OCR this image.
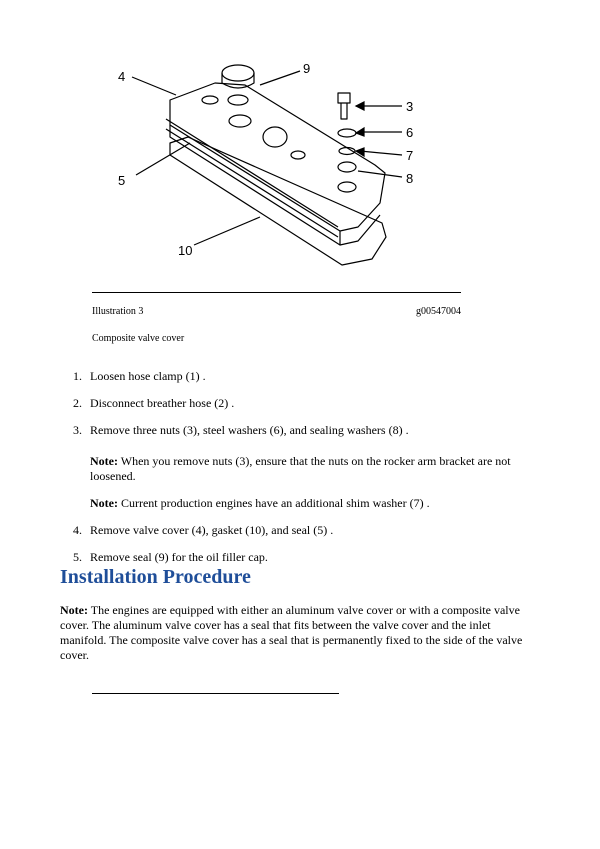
4
9
3
6
7
5	8
10
Illustration 3	g00547004
Composite valve cover
1. Loosen hose clamp (1) .
2. Disconnect breather hose (2) .
3. Remove three nuts (3), steel washers (6), and sealing washers (8) .
Note: When you remove nuts (3), ensure that the nuts on the rocker arm bracket are not loosened.
Note: Current production engines have an additional shim washer (7) .
4. Remove valve cover (4), gasket (10), and seal (5) .
5. Remove seal (9) for the oil filler cap.
Installation Procedure

Note: The engines are equipped with either an aluminum valve cover or with a composite valve cover. The aluminum valve cover has a seal that fits between the valve cover and the inlet manifold. The composite valve cover has a seal that is permanently fixed to the side of the valve cover.
